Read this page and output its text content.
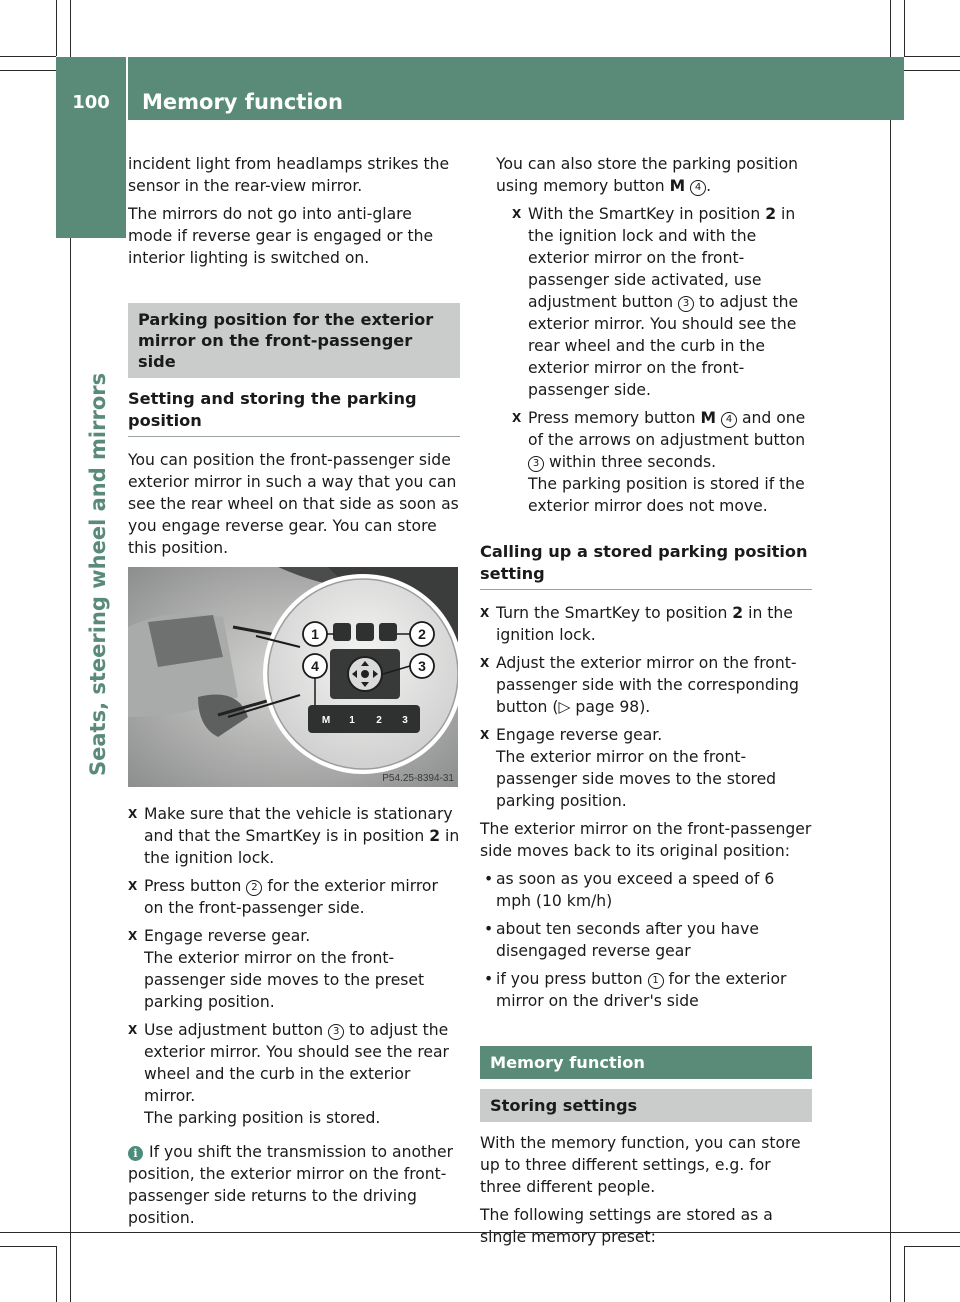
100	Memory function
Seats, steering wheel and mirrors

incident light from headlamps strikes the sensor in the rear-view mirror.

The mirrors do not go into anti-glare mode if reverse gear is engaged or the interior lighting is switched on.

Parking position for the exterior mirror on the front-passenger side
Setting and storing the parking position

You can position the front-passenger side exterior mirror in such a way that you can see the rear wheel on that side as soon as you engage reverse gear. You can store this position.

1	2
3
4
M 1 2 3
P54.25-8394-31
X Make sure that the vehicle is stationary and that the SmartKey is in position 2 in the ignition lock.
X Press button 2 for the exterior mirror on the front-passenger side.
X Engage reverse gear.
The exterior mirror on the front-passenger side moves to the preset parking position.
X Use adjustment button 3 to adjust the exterior mirror. You should see the rear wheel and the curb in the exterior mirror.
The parking position is stored.
i If you shift the transmission to another position, the exterior mirror on the front-passenger side returns to the driving position.

You can also store the parking position using memory button M 4 .

X With the SmartKey in position 2 in the ignition lock and with the exterior mirror on the front-passenger side activated, use adjustment button 3 to adjust the exterior mirror. You should see the rear wheel and the curb in the exterior mirror on the front-passenger side.
X Press memory button M 4 and one of the arrows on adjustment button 3 within three seconds.
The parking position is stored if the exterior mirror does not move.
Calling up a stored parking position setting
X Turn the SmartKey to position 2 in the ignition lock.
X Adjust the exterior mirror on the front-passenger side with the corresponding button (▷ page 98).
X Engage reverse gear.
The exterior mirror on the front-passenger side moves to the stored parking position.

The exterior mirror on the front-passenger side moves back to its original position:

• as soon as you exceed a speed of 6 mph (10 km/h)
• about ten seconds after you have disengaged reverse gear
• if you press button 1 for the exterior mirror on the driver's side
Memory function
Storing settings

With the memory function, you can store up to three different settings, e.g. for three different people.

The following settings are stored as a single memory preset:
